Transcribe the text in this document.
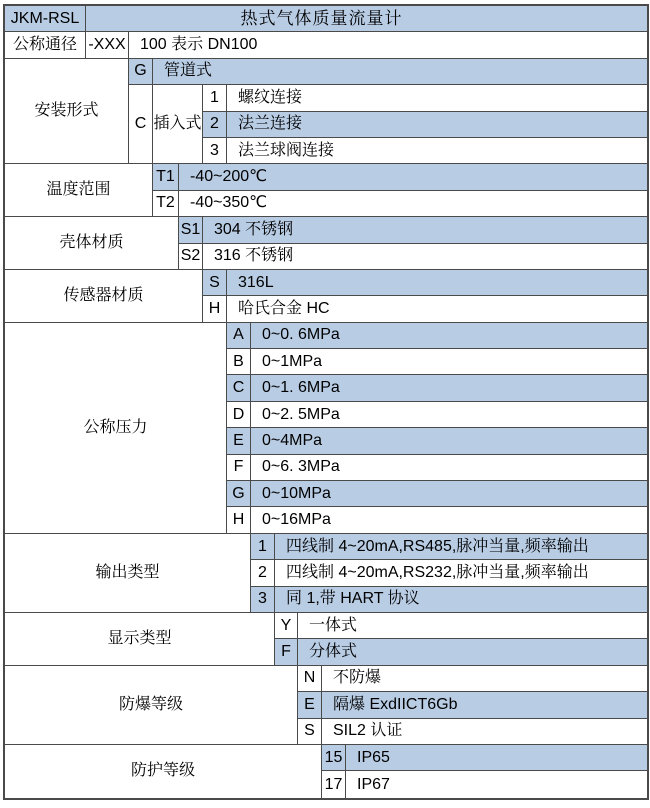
JKM-RSL	热式气体质量流量计
公称通径 -XXX 100 表示 DN100
安装形式
G	管道式
C 插入式
1	螺纹连接
2	法兰连接
3	法兰球阀连接
温度范围
T1 -40~200℃
T2 -40~350℃
壳体材质
S1 304 不锈钢
S2 316 不锈钢
传感器材质
S	316L
H	哈氏合金 HC
公称压力
A	0~0. 6MPa
B	0~1MPa
C	0~1. 6MPa
D	0~2. 5MPa
E	0~4MPa
F	0~6. 3MPa
G	0~10MPa
H	0~16MPa
输出类型
1	四线制 4~20mA,RS485,脉冲当量,频率输出
2	四线制 4~20mA,RS232,脉冲当量,频率输出
3	同 1,带 HART 协议
显示类型
Y	一体式
F	分体式
防爆等级
N	不防爆
E	隔爆 ExdIICT6Gb
S	SIL2 认证
防护等级
15 IP65
17 IP67
